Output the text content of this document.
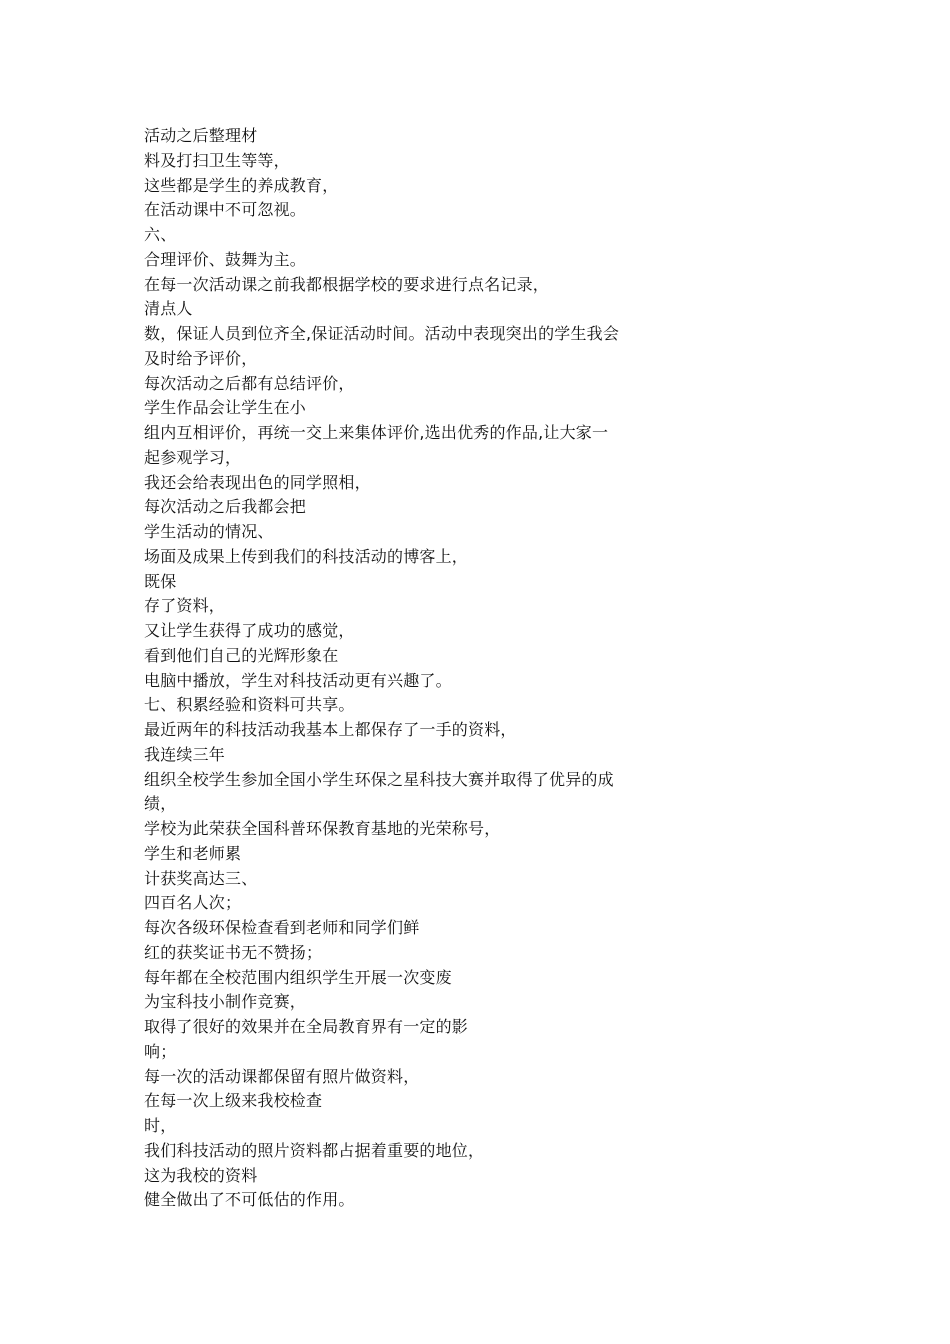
活动之后整理材
料及打扫卫生等等，
这些都是学生的养成教育，
在活动课中不可忽视。
六、
合理评价、鼓舞为主。
在每一次活动课之前我都根据学校的要求进行点名记录，
清点人
数，保证人员到位齐全,保证活动时间。活动中表现突出的学生我会
及时给予评价，
每次活动之后都有总结评价，
学生作品会让学生在小
组内互相评价，再统一交上来集体评价,选出优秀的作品,让大家一
起参观学习，
我还会给表现出色的同学照相，
每次活动之后我都会把
学生活动的情况、
场面及成果上传到我们的科技活动的博客上，
既保
存了资料，
又让学生获得了成功的感觉，
看到他们自己的光辉形象在
电脑中播放，学生对科技活动更有兴趣了。
七、积累经验和资料可共享。
最近两年的科技活动我基本上都保存了一手的资料，
我连续三年
组织全校学生参加全国小学生环保之星科技大赛并取得了优异的成
绩，
学校为此荣获全国科普环保教育基地的光荣称号，
学生和老师累
计获奖高达三、
四百名人次；
每次各级环保检查看到老师和同学们鲜
红的获奖证书无不赞扬；
每年都在全校范围内组织学生开展一次变废
为宝科技小制作竞赛，
取得了很好的效果并在全局教育界有一定的影
响；
每一次的活动课都保留有照片做资料，
在每一次上级来我校检查
时，
我们科技活动的照片资料都占据着重要的地位，
这为我校的资料
健全做出了不可低估的作用。
